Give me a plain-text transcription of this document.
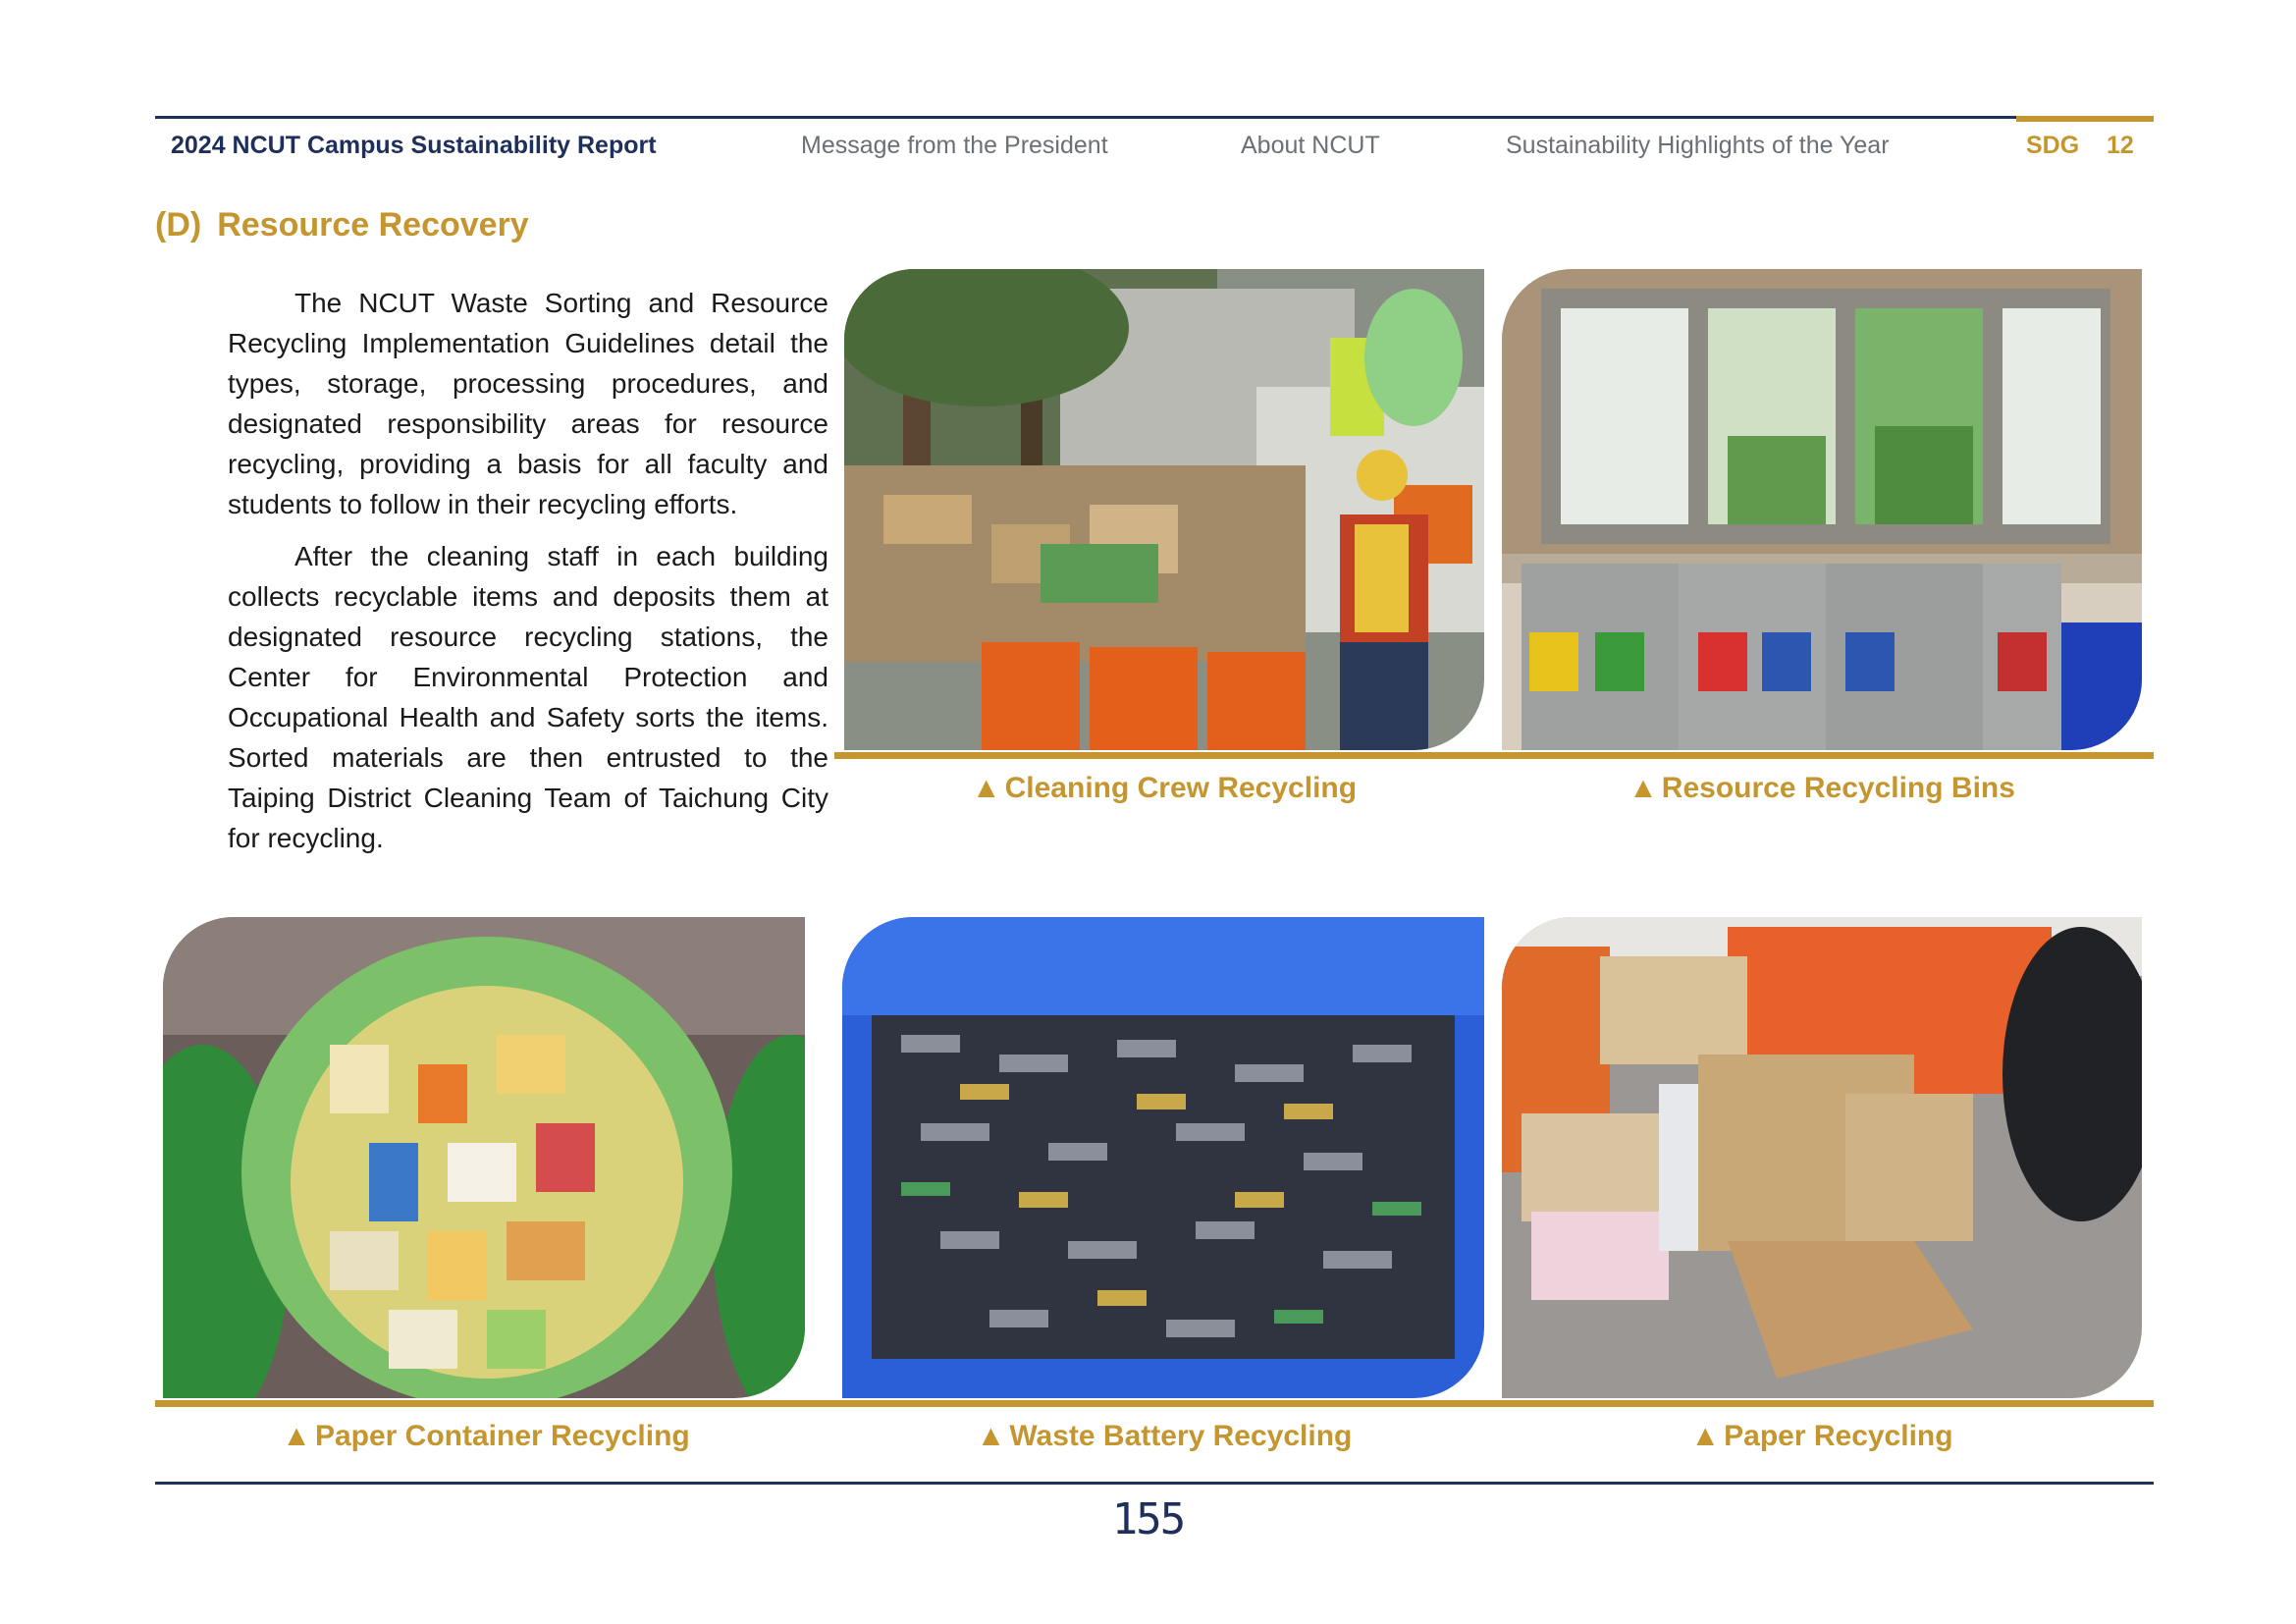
2024 NCUT Campus Sustainability Report	Message from the President	About NCUT	Sustainability Highlights of the Year	SDG 12
(D) Resource Recovery

The NCUT Waste Sorting and Resource Recycling Implementation Guidelines detail the types, storage, processing procedures, and designated responsibility areas for resource recycling, providing a basis for all faculty and students to follow in their recycling efforts.

After the cleaning staff in each building collects recyclable items and deposits them at designated resource recycling stations, the Center for Environmental Protection and Occupational Health and Safety sorts the items. Sorted materials are then entrusted to the Taiping District Cleaning Team of Taichung City for recycling.

▲ Cleaning Crew Recycling	▲ Resource Recycling Bins
▲ Paper Container Recycling	▲ Waste Battery Recycling	▲ Paper Recycling
155
